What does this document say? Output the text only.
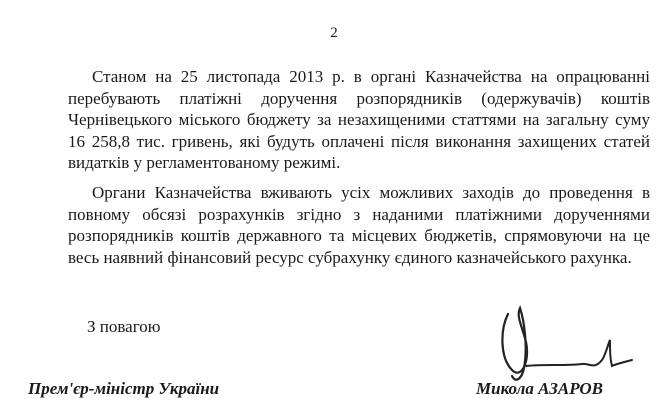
2

Станом на 25 листопада 2013 р. в органі Казначейства на опрацюванні перебувають платіжні доручення розпорядників (одержувачів) коштів Чернівецького міського бюджету за незахищеними статтями на загальну суму 16 258,8 тис. гривень, які будуть оплачені після виконання захищених статей видатків у регламентованому режимі.

Органи Казначейства вживають усіх можливих заходів до проведення в повному обсязі розрахунків згідно з наданими платіжними дорученнями розпорядників коштів державного та місцевих бюджетів, спрямовуючи на це весь наявний фінансовий ресурс субрахунку єдиного казначейського рахунка.

З повагою
Прем'єр-міністр України	Микола АЗАРОВ
